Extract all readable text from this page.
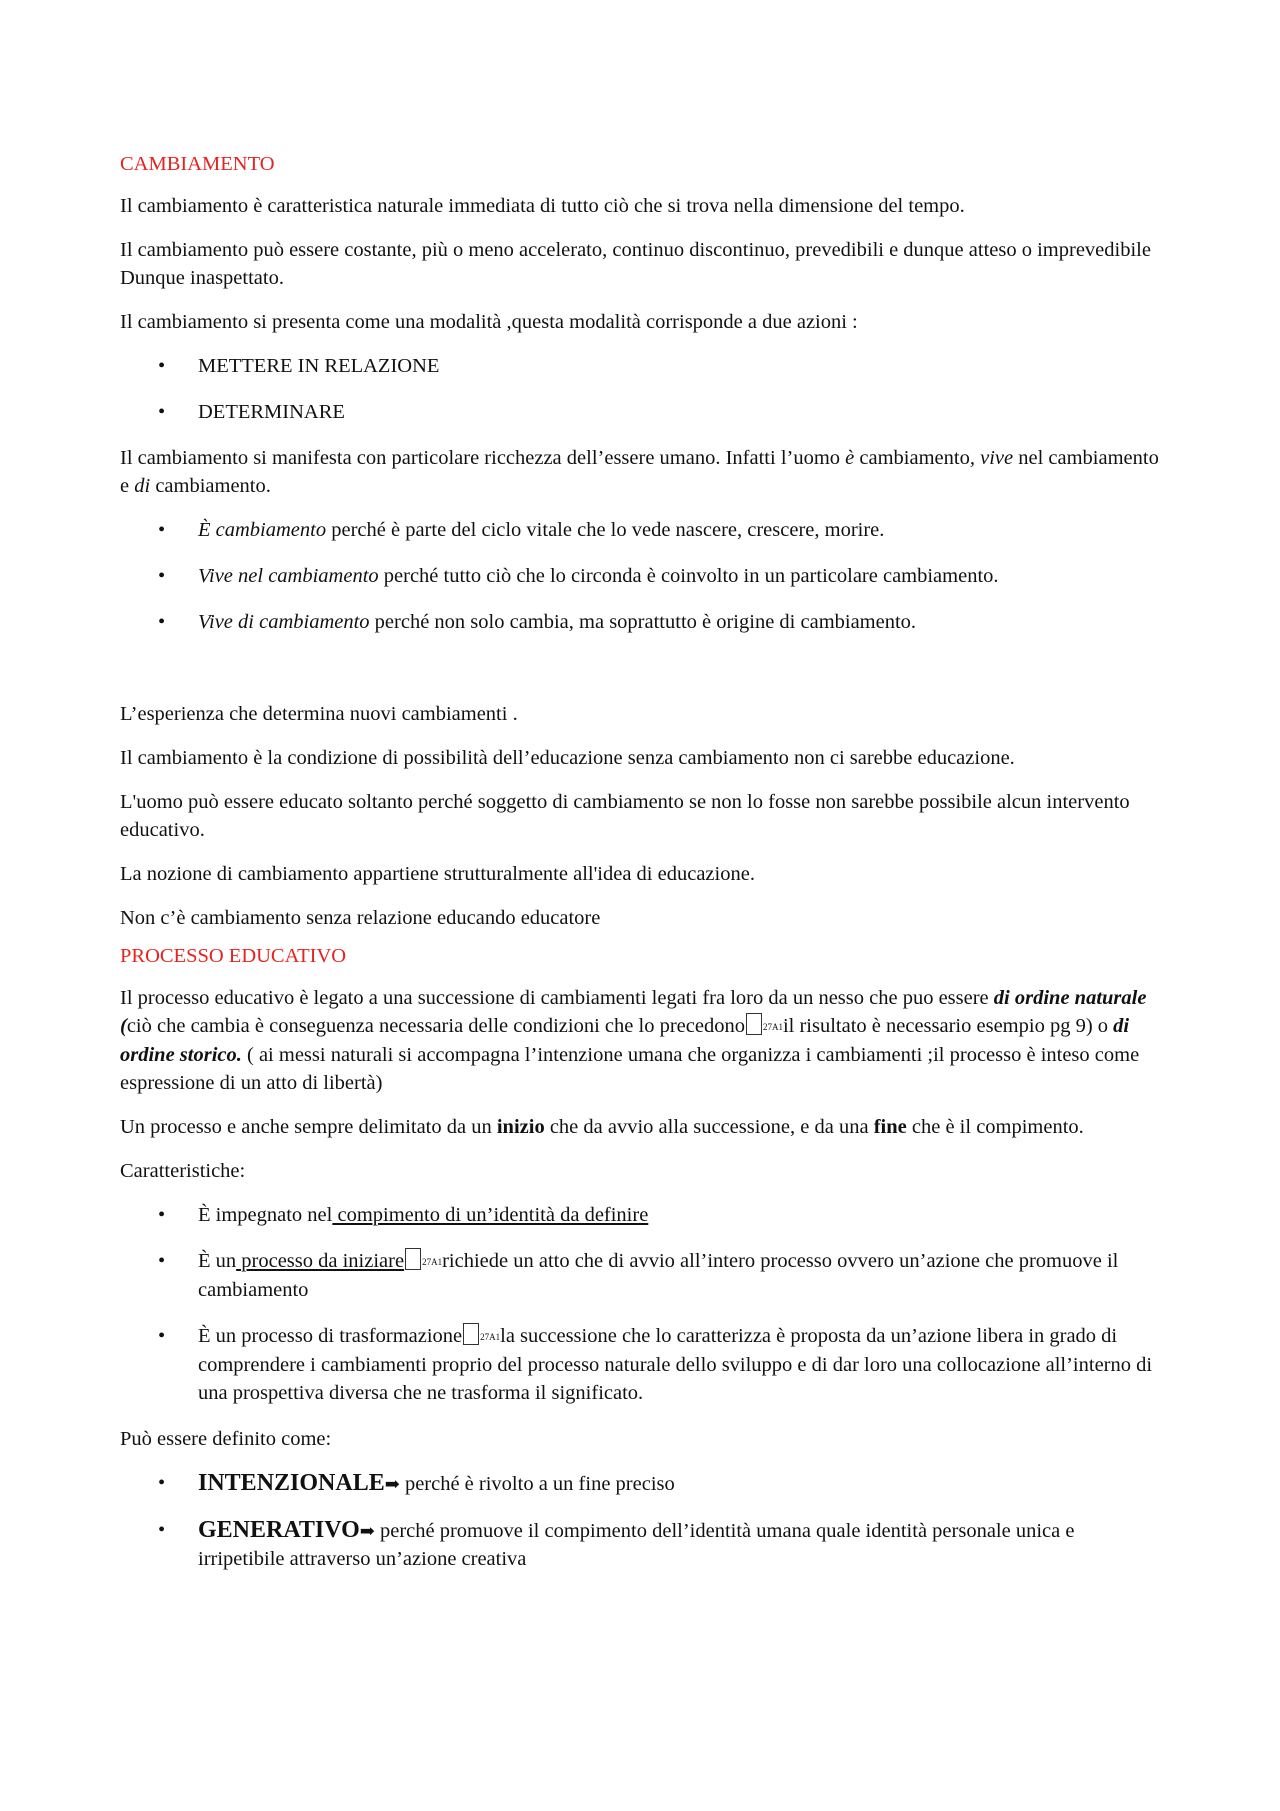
CAMBIAMENTO

Il cambiamento è caratteristica naturale immediata di tutto ciò che si trova nella dimensione del tempo.

Il cambiamento può essere costante, più o meno accelerato, continuo discontinuo, prevedibili e dunque atteso o imprevedibile Dunque inaspettato.

Il cambiamento si presenta come una modalità ,questa modalità corrisponde a due azioni :

• METTERE IN RELAZIONE
• DETERMINARE

Il cambiamento si manifesta con particolare ricchezza dell’essere umano. Infatti l’uomo è cambiamento, vive nel cambiamento e di cambiamento.

• È cambiamento perché è parte del ciclo vitale che lo vede nascere, crescere, morire.
• Vive nel cambiamento perché tutto ciò che lo circonda è coinvolto in un particolare cambiamento.
• Vive di cambiamento perché non solo cambia, ma soprattutto è origine di cambiamento.

L’esperienza che determina nuovi cambiamenti .

Il cambiamento è la condizione di possibilità dell’educazione senza cambiamento non ci sarebbe educazione.

L'uomo può essere educato soltanto perché soggetto di cambiamento se non lo fosse non sarebbe possibile alcun intervento educativo.

La nozione di cambiamento appartiene strutturalmente all'idea di educazione.

Non c’è cambiamento senza relazione educando educatore

PROCESSO EDUCATIVO

Il processo educativo è legato a una successione di cambiamenti legati fra loro da un nesso che puo essere di ordine naturale (ciò che cambia è conseguenza necessaria delle condizioni che lo precedono 27A1il risultato è necessario esempio pg 9) o di ordine storico. ( ai messi naturali si accompagna l’intenzione umana che organizza i cambiamenti ;il processo è inteso come espressione di un atto di libertà)

Un processo e anche sempre delimitato da un inizio che da avvio alla successione, e da una fine che è il compimento.

Caratteristiche:

• È impegnato nel compimento di un’identità da definire
• È un processo da iniziare 27A1richiede un atto che di avvio all’intero processo ovvero un’azione che promuove il cambiamento
• È un processo di trasformazione 27A1la successione che lo caratterizza è proposta da un’azione libera in grado di comprendere i cambiamenti proprio del processo naturale dello sviluppo e di dar loro una collocazione all’interno di una prospettiva diversa che ne trasforma il significato.

Può essere definito come:

• INTENZIONALE➡ perché è rivolto a un fine preciso
• GENERATIVO➡ perché promuove il compimento dell’identità umana quale identità personale unica e irripetibile attraverso un’azione creativa
